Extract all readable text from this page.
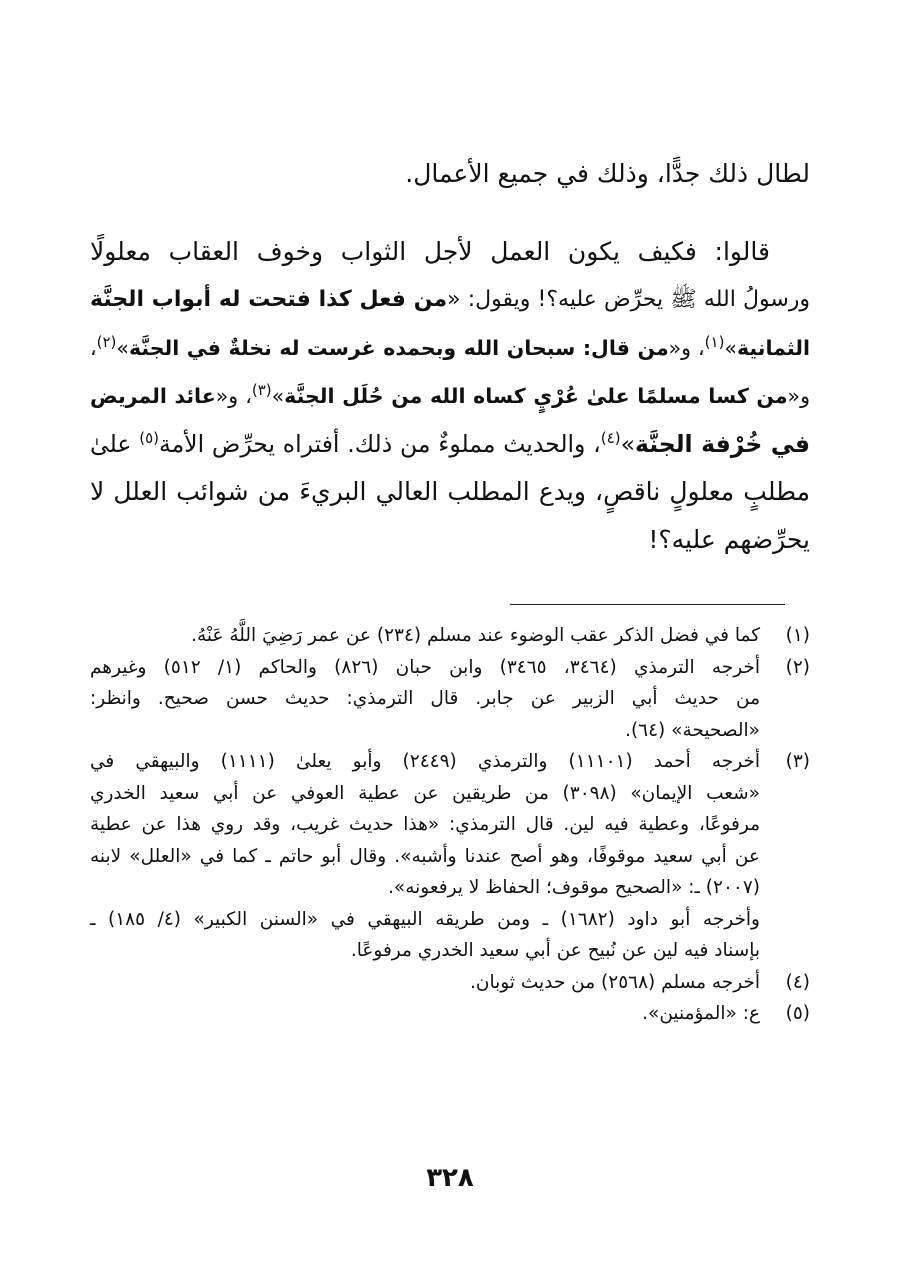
لطال ذلك جدًّا، وذلك في جميع الأعمال.
قالوا: فكيف يكون العمل لأجل الثواب وخوف العقاب معلولًا
ورسولُ الله ﷺ يحرِّض عليه؟! ويقول: «من فعل كذا فتحت له أبواب الجنَّة
الثمانية»$^{(١)}$، و«من قال: سبحان الله وبحمده غرست له نخلةٌ في الجنَّة»$^{(٢)}$،
و«من كسا مسلمًا علىٰ عُرْيٍ كساه الله من حُلَل الجنَّة»$^{(٣)}$، و«عائد المريض
في خُرْفة الجنَّة»$^{(٤)}$، والحديث مملوءٌ من ذلك. أفتراه يحرِّض الأمة$^{(٥)}$ علىٰ
مطلبٍ معلولٍ ناقصٍ، ويدع المطلب العالي البريءَ من شوائب العلل لا
يحرِّضهم عليه؟!
(١)
كما في فضل الذكر عقب الوضوء عند مسلم (٢٣٤) عن عمر رَضِيَ اللَّهُ عَنْهُ.
(٢)
أخرجه الترمذي (٣٤٦٤، ٣٤٦٥) وابن حبان (٨٢٦) والحاكم (١/ ٥١٢) وغيرهم
من حديث أبي الزبير عن جابر. قال الترمذي: حديث حسن صحيح. وانظر:
«الصحيحة» (٦٤).
(٣)
أخرجه أحمد (١١١٠١) والترمذي (٢٤٤٩) وأبو يعلىٰ (١١١١) والبيهقي في
«شعب الإيمان» (٣٠٩٨) من طريقين عن عطية العوفي عن أبي سعيد الخدري
مرفوعًا، وعطية فيه لين. قال الترمذي: «هذا حديث غريب، وقد روي هذا عن عطية
عن أبي سعيد موقوفًا، وهو أصح عندنا وأشبه». وقال أبو حاتم ـ كما في «العلل» لابنه
(٢٠٠٧) ـ: «الصحيح موقوف؛ الحفاظ لا يرفعونه».
وأخرجه أبو داود (١٦٨٢) ـ ومن طريقه البيهقي في «السنن الكبير» (٤/ ١٨٥) ـ
بإسناد فيه لين عن نُبيح عن أبي سعيد الخدري مرفوعًا.
(٤)
أخرجه مسلم (٢٥٦٨) من حديث ثوبان.
(٥)
ع: «المؤمنين».
٣٢٨
